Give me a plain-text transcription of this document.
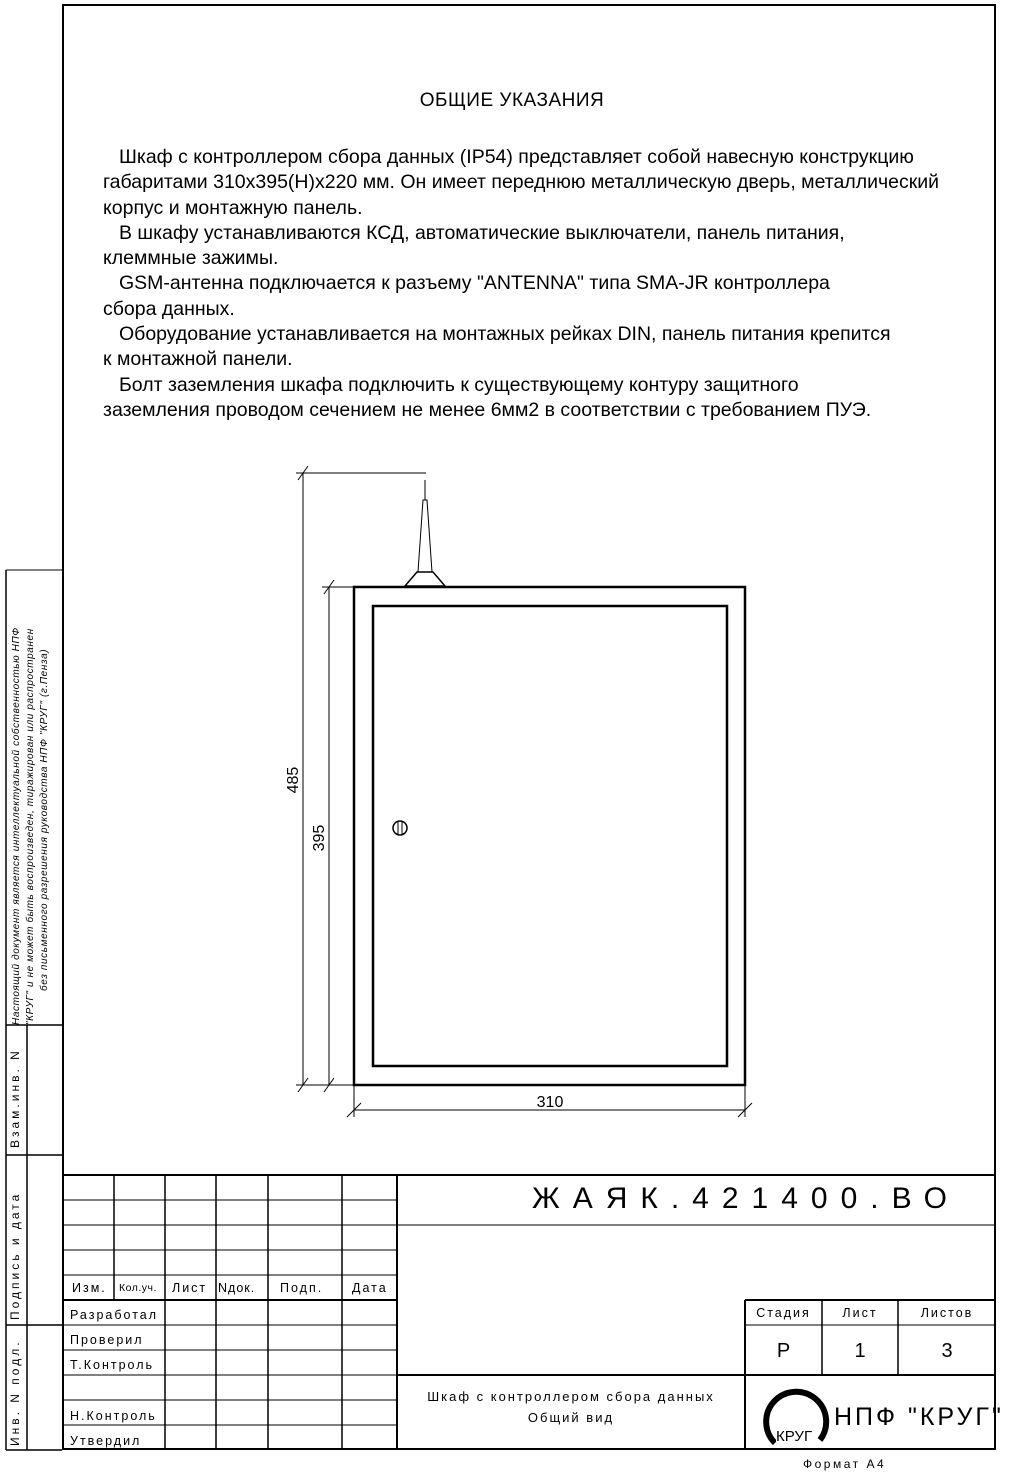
ОБЩИЕ УКАЗАНИЯ

Шкаф с контроллером сбора данных (IP54) представляет собой навесную конструкцию

габаритами 310х395(Н)х220 мм. Он имеет переднюю металлическую дверь, металлический

корпус и монтажную панель.

В шкафу устанавливаются КСД, автоматические выключатели, панель питания,

клеммные зажимы.

GSM-антенна подключается к разъему "ANTENNA" типа SMA-JR контроллера

сбора данных.

Оборудование устанавливается на монтажных рейках DIN, панель питания крепится

к монтажной панели.

Болт заземления шкафа подключить к существующему контуру защитного

заземления проводом сечением не менее 6мм2 в соответствии с требованием ПУЭ.

485
395
310
Настоящий документ является интеллектуальной собственностью НПФ "КРУГ" и не может быть воспроизведен, тиражирован или распространен без письменного разрешения руководства НПФ "КРУГ" (г.Пенза)
Взам.инв. N
Подпись и дата
Инв. N подл.
ЖАЯК.421400.ВО
Изм. Кол.уч. Лист Nдок. Подп. Дата
Разработал
Проверил
Т.Контроль
Н.Контроль
Утвердил
Шкаф с контроллером сбора данных
Общий вид
Стадия	Лист	Листов
Р	1	3
КРУГ
НПФ "КРУГ"
Формат А4
